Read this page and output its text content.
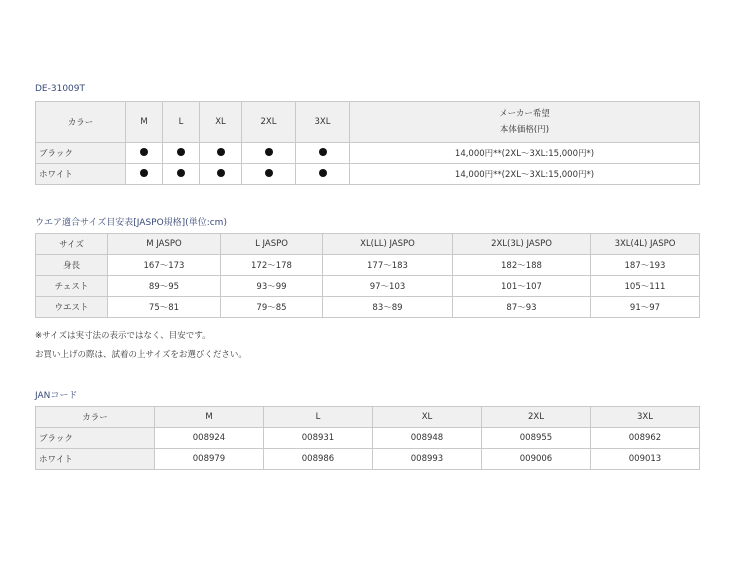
DE-31009T
カラー	M	L	XL	2XL	3XL	メーカー希望
本体価格(円)

ブラック						14,000円**(2XL〜3XL:15,000円*)
ホワイト						14,000円**(2XL〜3XL:15,000円*)
ウエア適合サイズ目安表[JASPO規格](単位:cm)
サイズ	M JASPO	L JASPO	XL(LL) JASPO	2XL(3L) JASPO	3XL(4L) JASPO
身長	167〜173	172〜178	177〜183	182〜188	187〜193
チェスト	89〜95	93〜99	97〜103	101〜107	105〜111
ウエスト	75〜81	79〜85	83〜89	87〜93	91〜97
※サイズは実寸法の表示ではなく、目安です。
お買い上げの際は、試着の上サイズをお選びください。
JANコード
カラー	M	L	XL	2XL	3XL
ブラック	008924	008931	008948	008955	008962
ホワイト	008979	008986	008993	009006	009013
